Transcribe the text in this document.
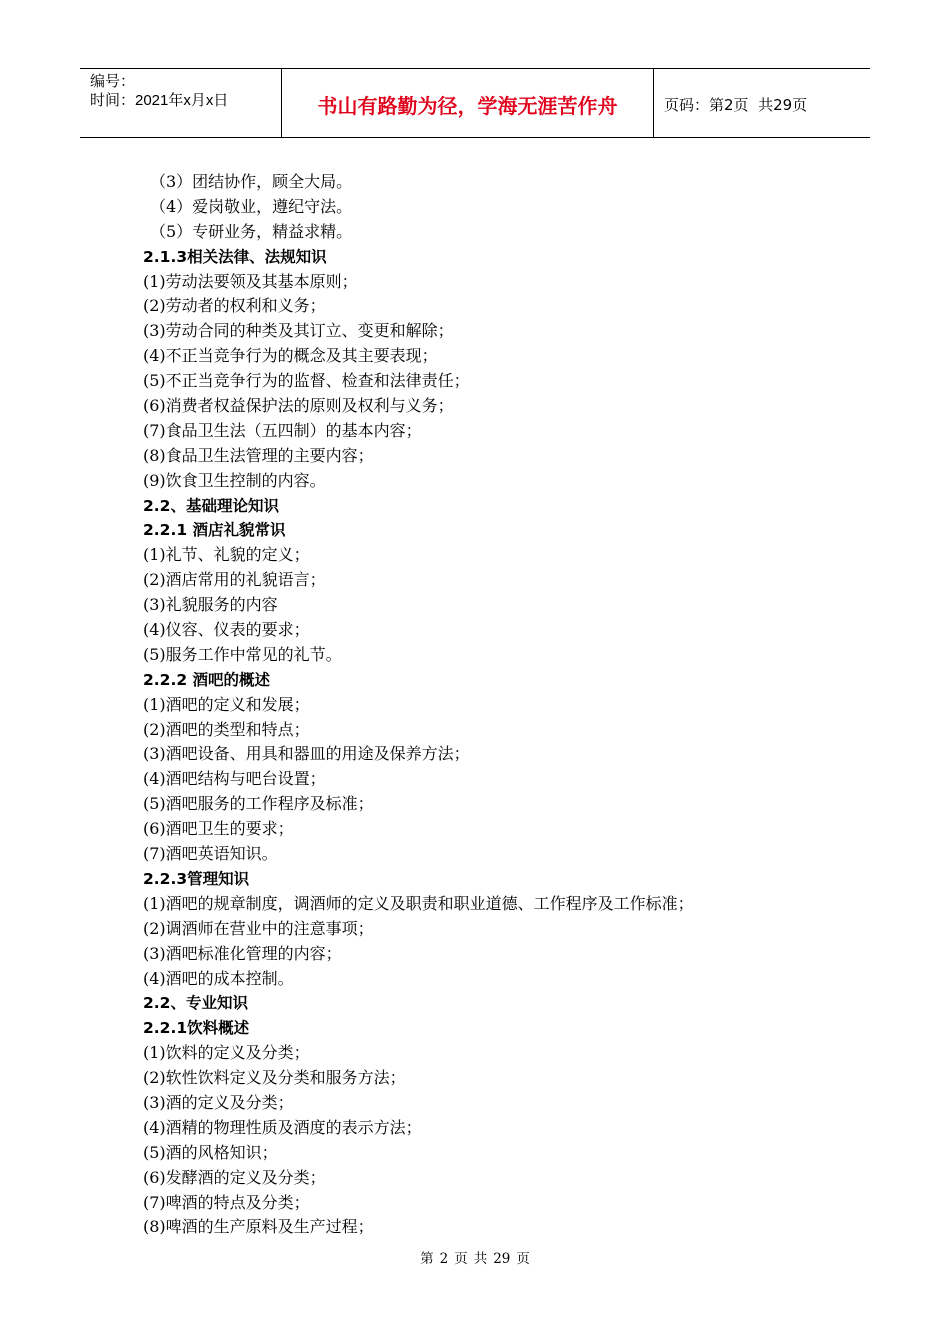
编号：
时间：2021年x月x日	书山有路勤为径，学海无涯苦作舟	页码：第2页  共29页
（3）团结协作，顾全大局。
（4）爱岗敬业，遵纪守法。
（5）专研业务，精益求精。
2.1.3相关法律、法规知识
(1)劳动法要领及其基本原则；
(2)劳动者的权利和义务；
(3)劳动合同的种类及其订立、变更和解除；
(4)不正当竞争行为的概念及其主要表现；
(5)不正当竞争行为的监督、检查和法律责任；
(6)消费者权益保护法的原则及权利与义务；
(7)食品卫生法（五四制）的基本内容；
(8)食品卫生法管理的主要内容；
(9)饮食卫生控制的内容。
2.2、基础理论知识
2.2.1 酒店礼貌常识
(1)礼节、礼貌的定义；
(2)酒店常用的礼貌语言；
(3)礼貌服务的内容
(4)仪容、仪表的要求；
(5)服务工作中常见的礼节。
2.2.2 酒吧的概述
(1)酒吧的定义和发展；
(2)酒吧的类型和特点；
(3)酒吧设备、用具和器皿的用途及保养方法；
(4)酒吧结构与吧台设置；
(5)酒吧服务的工作程序及标准；
(6)酒吧卫生的要求；
(7)酒吧英语知识。
2.2.3管理知识
(1)酒吧的规章制度，调酒师的定义及职责和职业道德、工作程序及工作标准；
(2)调酒师在营业中的注意事项；
(3)酒吧标准化管理的内容；
(4)酒吧的成本控制。
2.2、专业知识
2.2.1饮料概述
(1)饮料的定义及分类；
(2)软性饮料定义及分类和服务方法；
(3)酒的定义及分类；
(4)酒精的物理性质及酒度的表示方法；
(5)酒的风格知识；
(6)发酵酒的定义及分类；
(7)啤酒的特点及分类；
(8)啤酒的生产原料及生产过程；
第 2 页 共 29 页
